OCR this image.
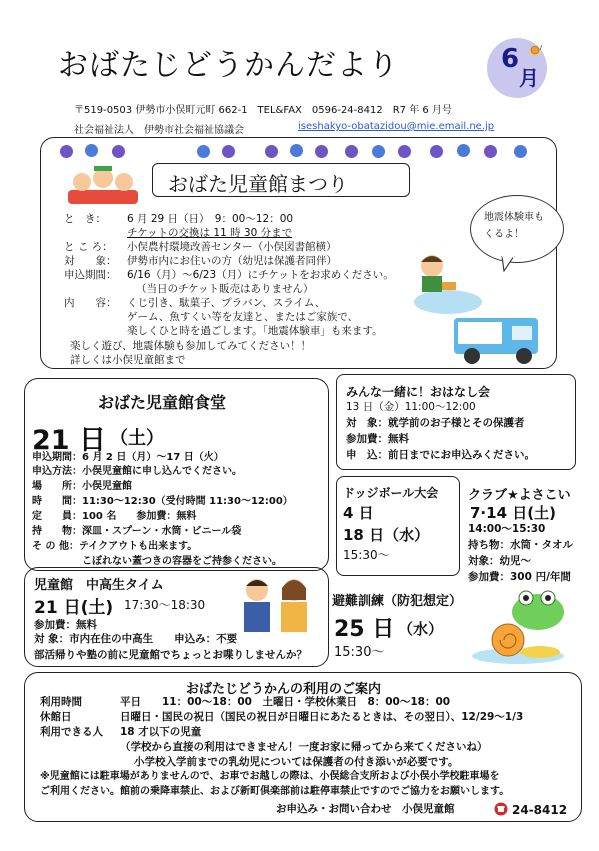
おばたじどうかんだより	6
月
〒519-0503 伊勢市小俣町元町 662-1　TEL&FAX　0596-24-8412　R7 年 6 月号
社会福祉法人　伊勢市社会福祉協議会	iseshakyo-obatazidou@mie.email.ne.jp
おばた児童館まつり
と　き： 6 月 29 日（日）　9：00～12：00
チケットの交換は 11 時 30 分まで
と こ ろ： 小俣農村環境改善センター（小俣図書館横）
対　　象： 伊勢市内にお住いの方（幼児は保護者同伴）
申込期間： 6/16（月）～6/23（月）にチケットをお求めください。
（当日のチケット販売はありません）
内　　容： くじ引き、駄菓子、プラバン、スライム、
ゲーム、魚すくい等を友達と、またはご家族で、
楽しくひと時を過ごします。「地震体験車」も来ます。
楽しく遊び、地震体験も参加してみてください！！
詳しくは小俣児童館まで
地震体験車も
くるよ！
おばた児童館食堂
21 日 （土）
申込期間：6 月 2 日（月）～17 日（火）
申込方法：小俣児童館に申し込んでください。
場　　所：小俣児童館
時　　間：11:30～12:30（受付時間 11:30～12:00）
定　　員：100 名　　参加費：無料
持　　物：深皿・スプーン・水筒・ビニール袋
そ の 他：テイクアウトも出来ます。
　　　　　こぼれない蓋つきの容器をご持参ください。
みんな一緒に！おはなし会
13 日（金）11:00～12:00
対　象：就学前のお子様とその保護者
参加費：無料
申　込：前日までにお申込みください。
ドッジボール大会
4 日
18 日（水）
15:30～
クラブ★よさこい
7·14 日(土)
14:00～15:30
持ち物：水筒・タオル
対象：幼児～
参加費：300 円/年間
児童館　中高生タイム
21 日(土) 17:30～18:30
参加費：無料
対 象：市内在住の中高生　　申込み：不要
部活帰りや塾の前に児童館でちょっとお喋りしませんか？
避難訓練（防犯想定）
25 日 （水）
15:30～
おばたじどうかんの利用のご案内
利用時間	平日　　11：00～18：00　土曜日・学校休業日　8：00～18：00
休館日	日曜日・国民の祝日（国民の祝日が日曜日にあたるときは、その翌日）、12/29～1/3
利用できる人 18 才以下の児童
（学校から直接の利用はできません！一度お家に帰ってから来てくださいね）
小学校入学前までの乳幼児については保護者の付き添いが必要です。
※児童館には駐車場がありませんので、お車でお越しの際は、小俣総合支所および小俣小学校駐車場を
ご利用ください。館前の乗降車禁止、および新町倶楽部前は駐停車禁止ですのでご協力をお願いします。
お申込み・お問い合わせ　小俣児童館	24-8412
